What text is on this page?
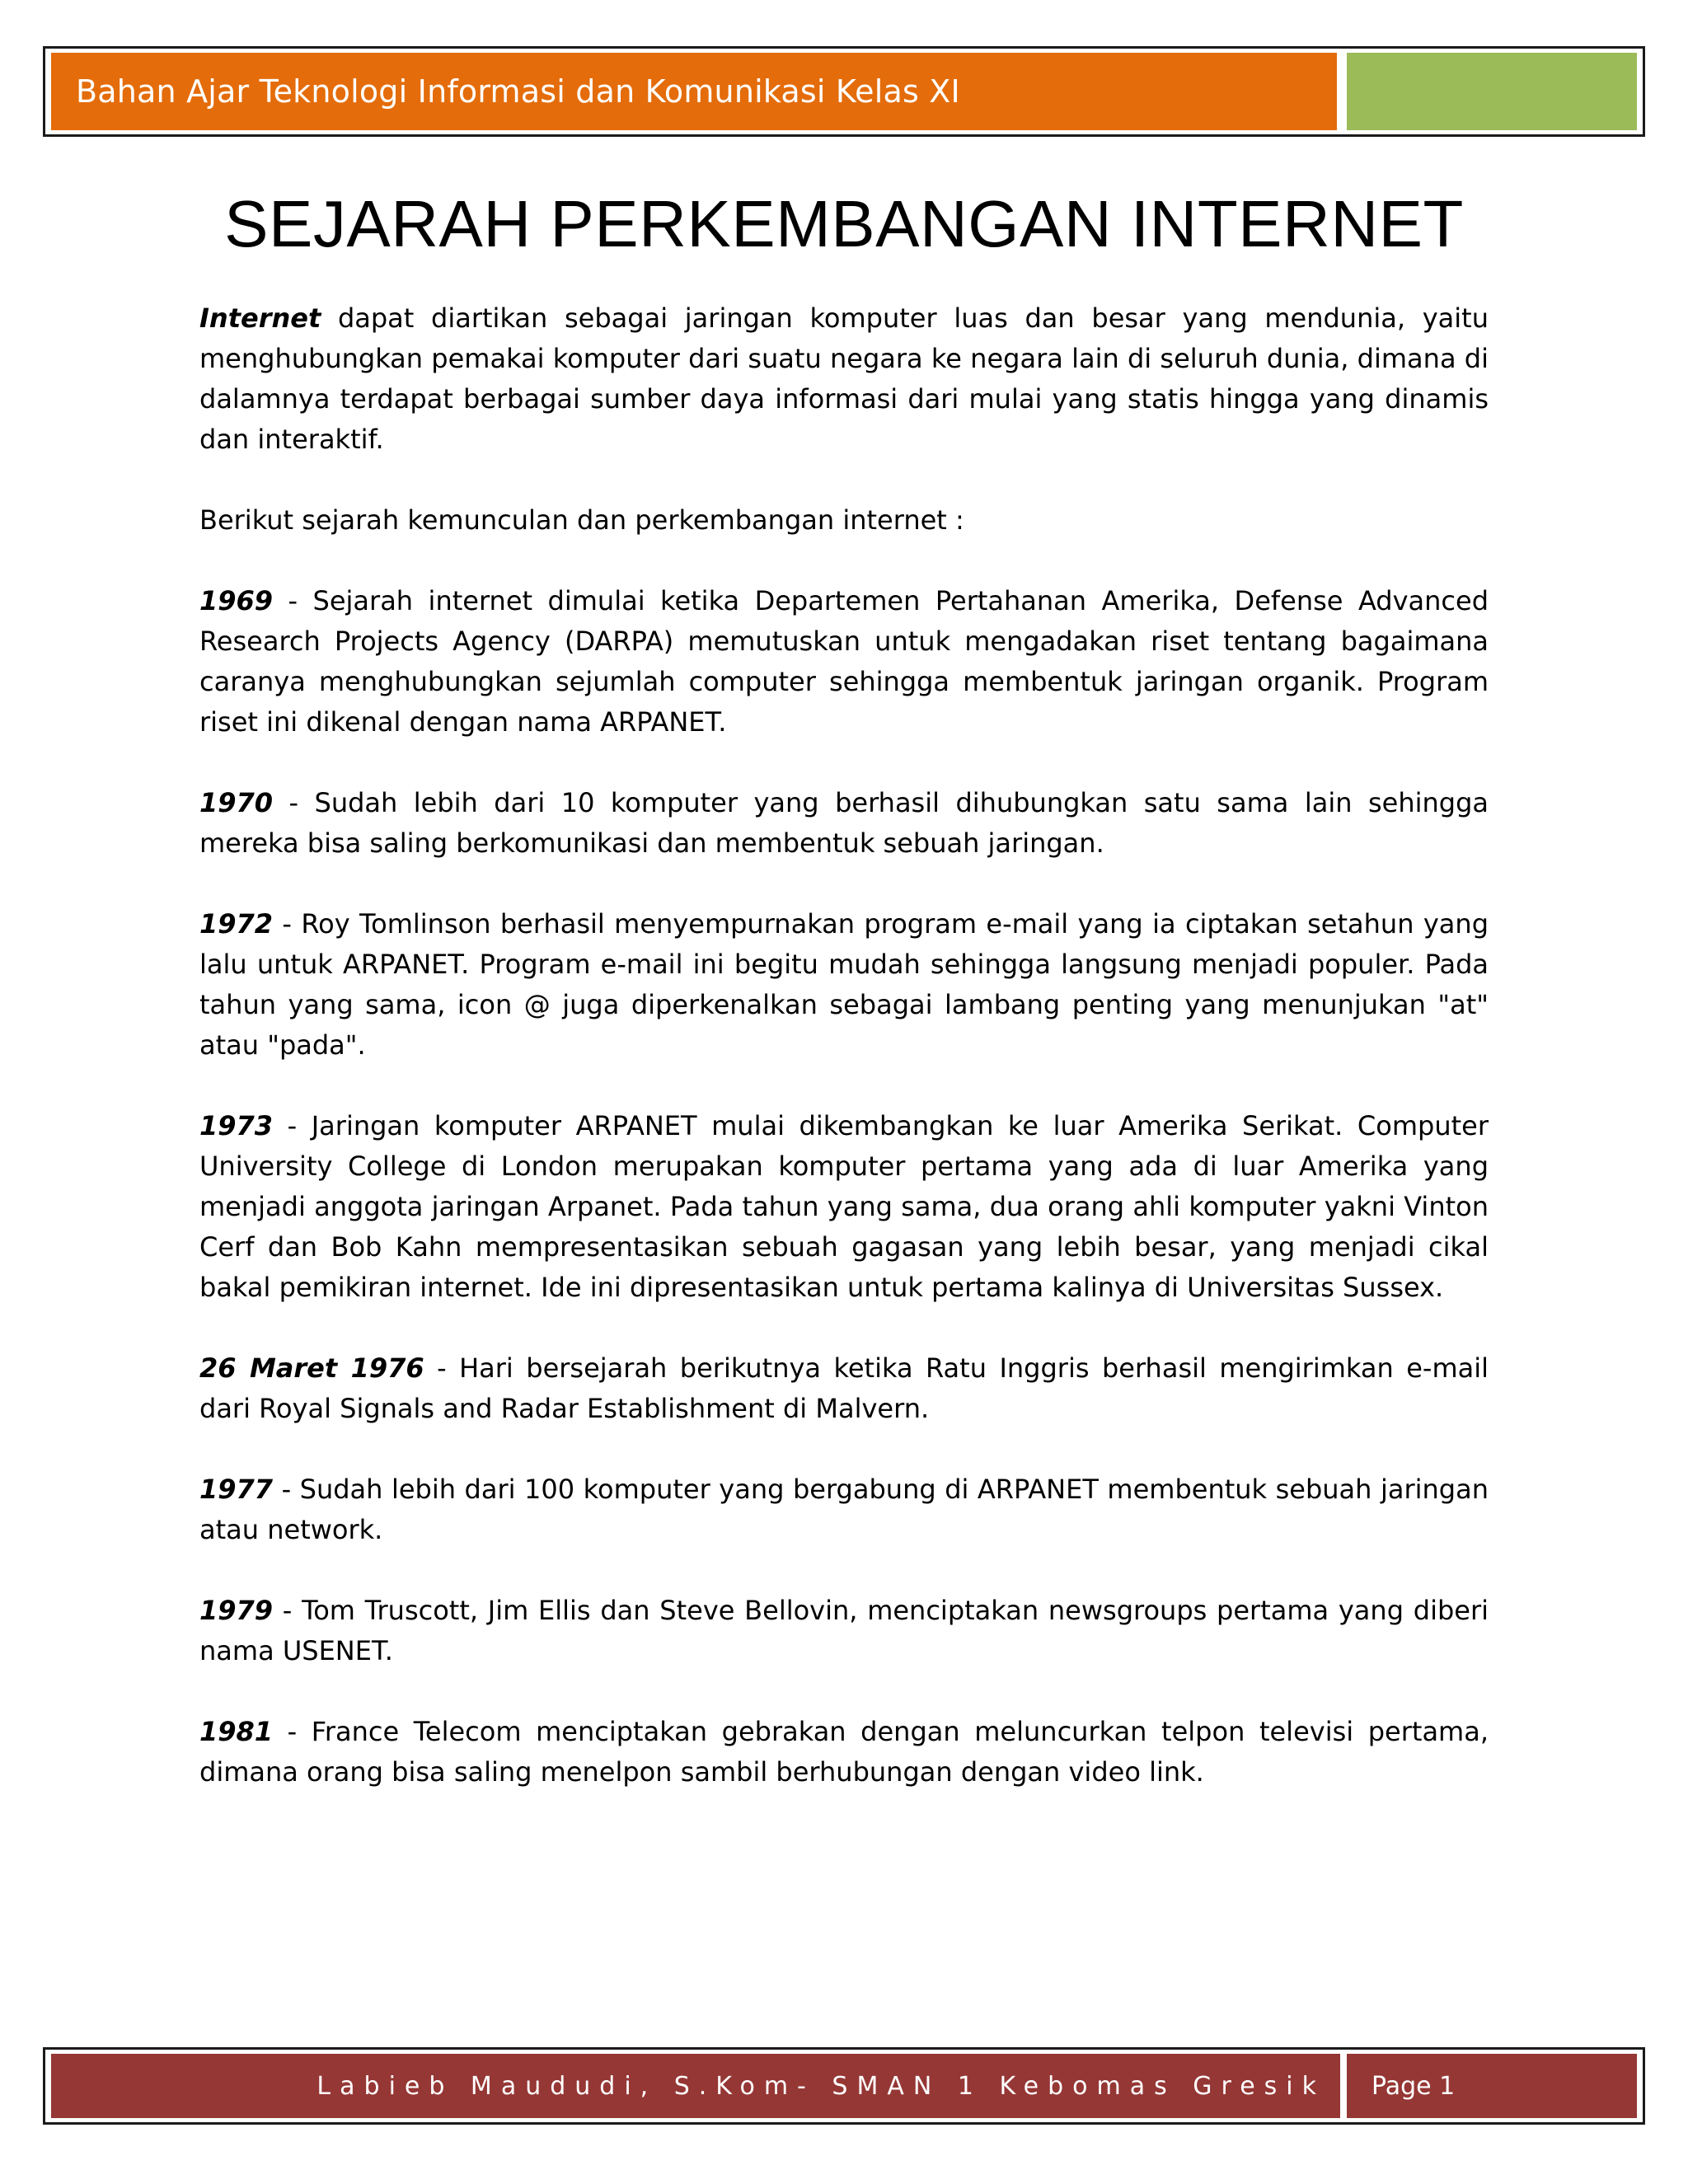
Bahan Ajar Teknologi Informasi dan Komunikasi Kelas XI
SEJARAH PERKEMBANGAN INTERNET

Internet dapat diartikan sebagai jaringan komputer luas dan besar yang mendunia, yaitu menghubungkan pemakai komputer dari suatu negara ke negara lain di seluruh dunia, dimana di dalamnya terdapat berbagai sumber daya informasi dari mulai yang statis hingga yang dinamis dan interaktif.

Berikut sejarah kemunculan dan perkembangan internet :

1969 - Sejarah internet dimulai ketika Departemen Pertahanan Amerika, Defense Advanced Research Projects Agency (DARPA) memutuskan untuk mengadakan riset tentang bagaimana caranya menghubungkan sejumlah computer sehingga membentuk jaringan organik. Program riset ini dikenal dengan nama ARPANET.

1970 - Sudah lebih dari 10 komputer yang berhasil dihubungkan satu sama lain sehingga mereka bisa saling berkomunikasi dan membentuk sebuah jaringan.

1972 - Roy Tomlinson berhasil menyempurnakan program e-mail yang ia ciptakan setahun yang lalu untuk ARPANET. Program e-mail ini begitu mudah sehingga langsung menjadi populer. Pada tahun yang sama, icon @ juga diperkenalkan sebagai lambang penting yang menunjukan "at" atau "pada".

1973 - Jaringan komputer ARPANET mulai dikembangkan ke luar Amerika Serikat. Computer University College di London merupakan komputer pertama yang ada di luar Amerika yang menjadi anggota jaringan Arpanet. Pada tahun yang sama, dua orang ahli komputer yakni Vinton Cerf dan Bob Kahn mempresentasikan sebuah gagasan yang lebih besar, yang menjadi cikal bakal pemikiran internet. Ide ini dipresentasikan untuk pertama kalinya di Universitas Sussex.

26 Maret 1976 - Hari bersejarah berikutnya ketika Ratu Inggris berhasil mengirimkan e-mail dari Royal Signals and Radar Establishment di Malvern.

1977 - Sudah lebih dari 100 komputer yang bergabung di ARPANET membentuk sebuah jaringan atau network.

1979 - Tom Truscott, Jim Ellis dan Steve Bellovin, menciptakan newsgroups pertama yang diberi nama USENET.

1981 - France Telecom menciptakan gebrakan dengan meluncurkan telpon televisi pertama, dimana orang bisa saling menelpon sambil berhubungan dengan video link.

Labieb Maududi, S.Kom- SMAN 1 Kebomas Gresik Page 1
